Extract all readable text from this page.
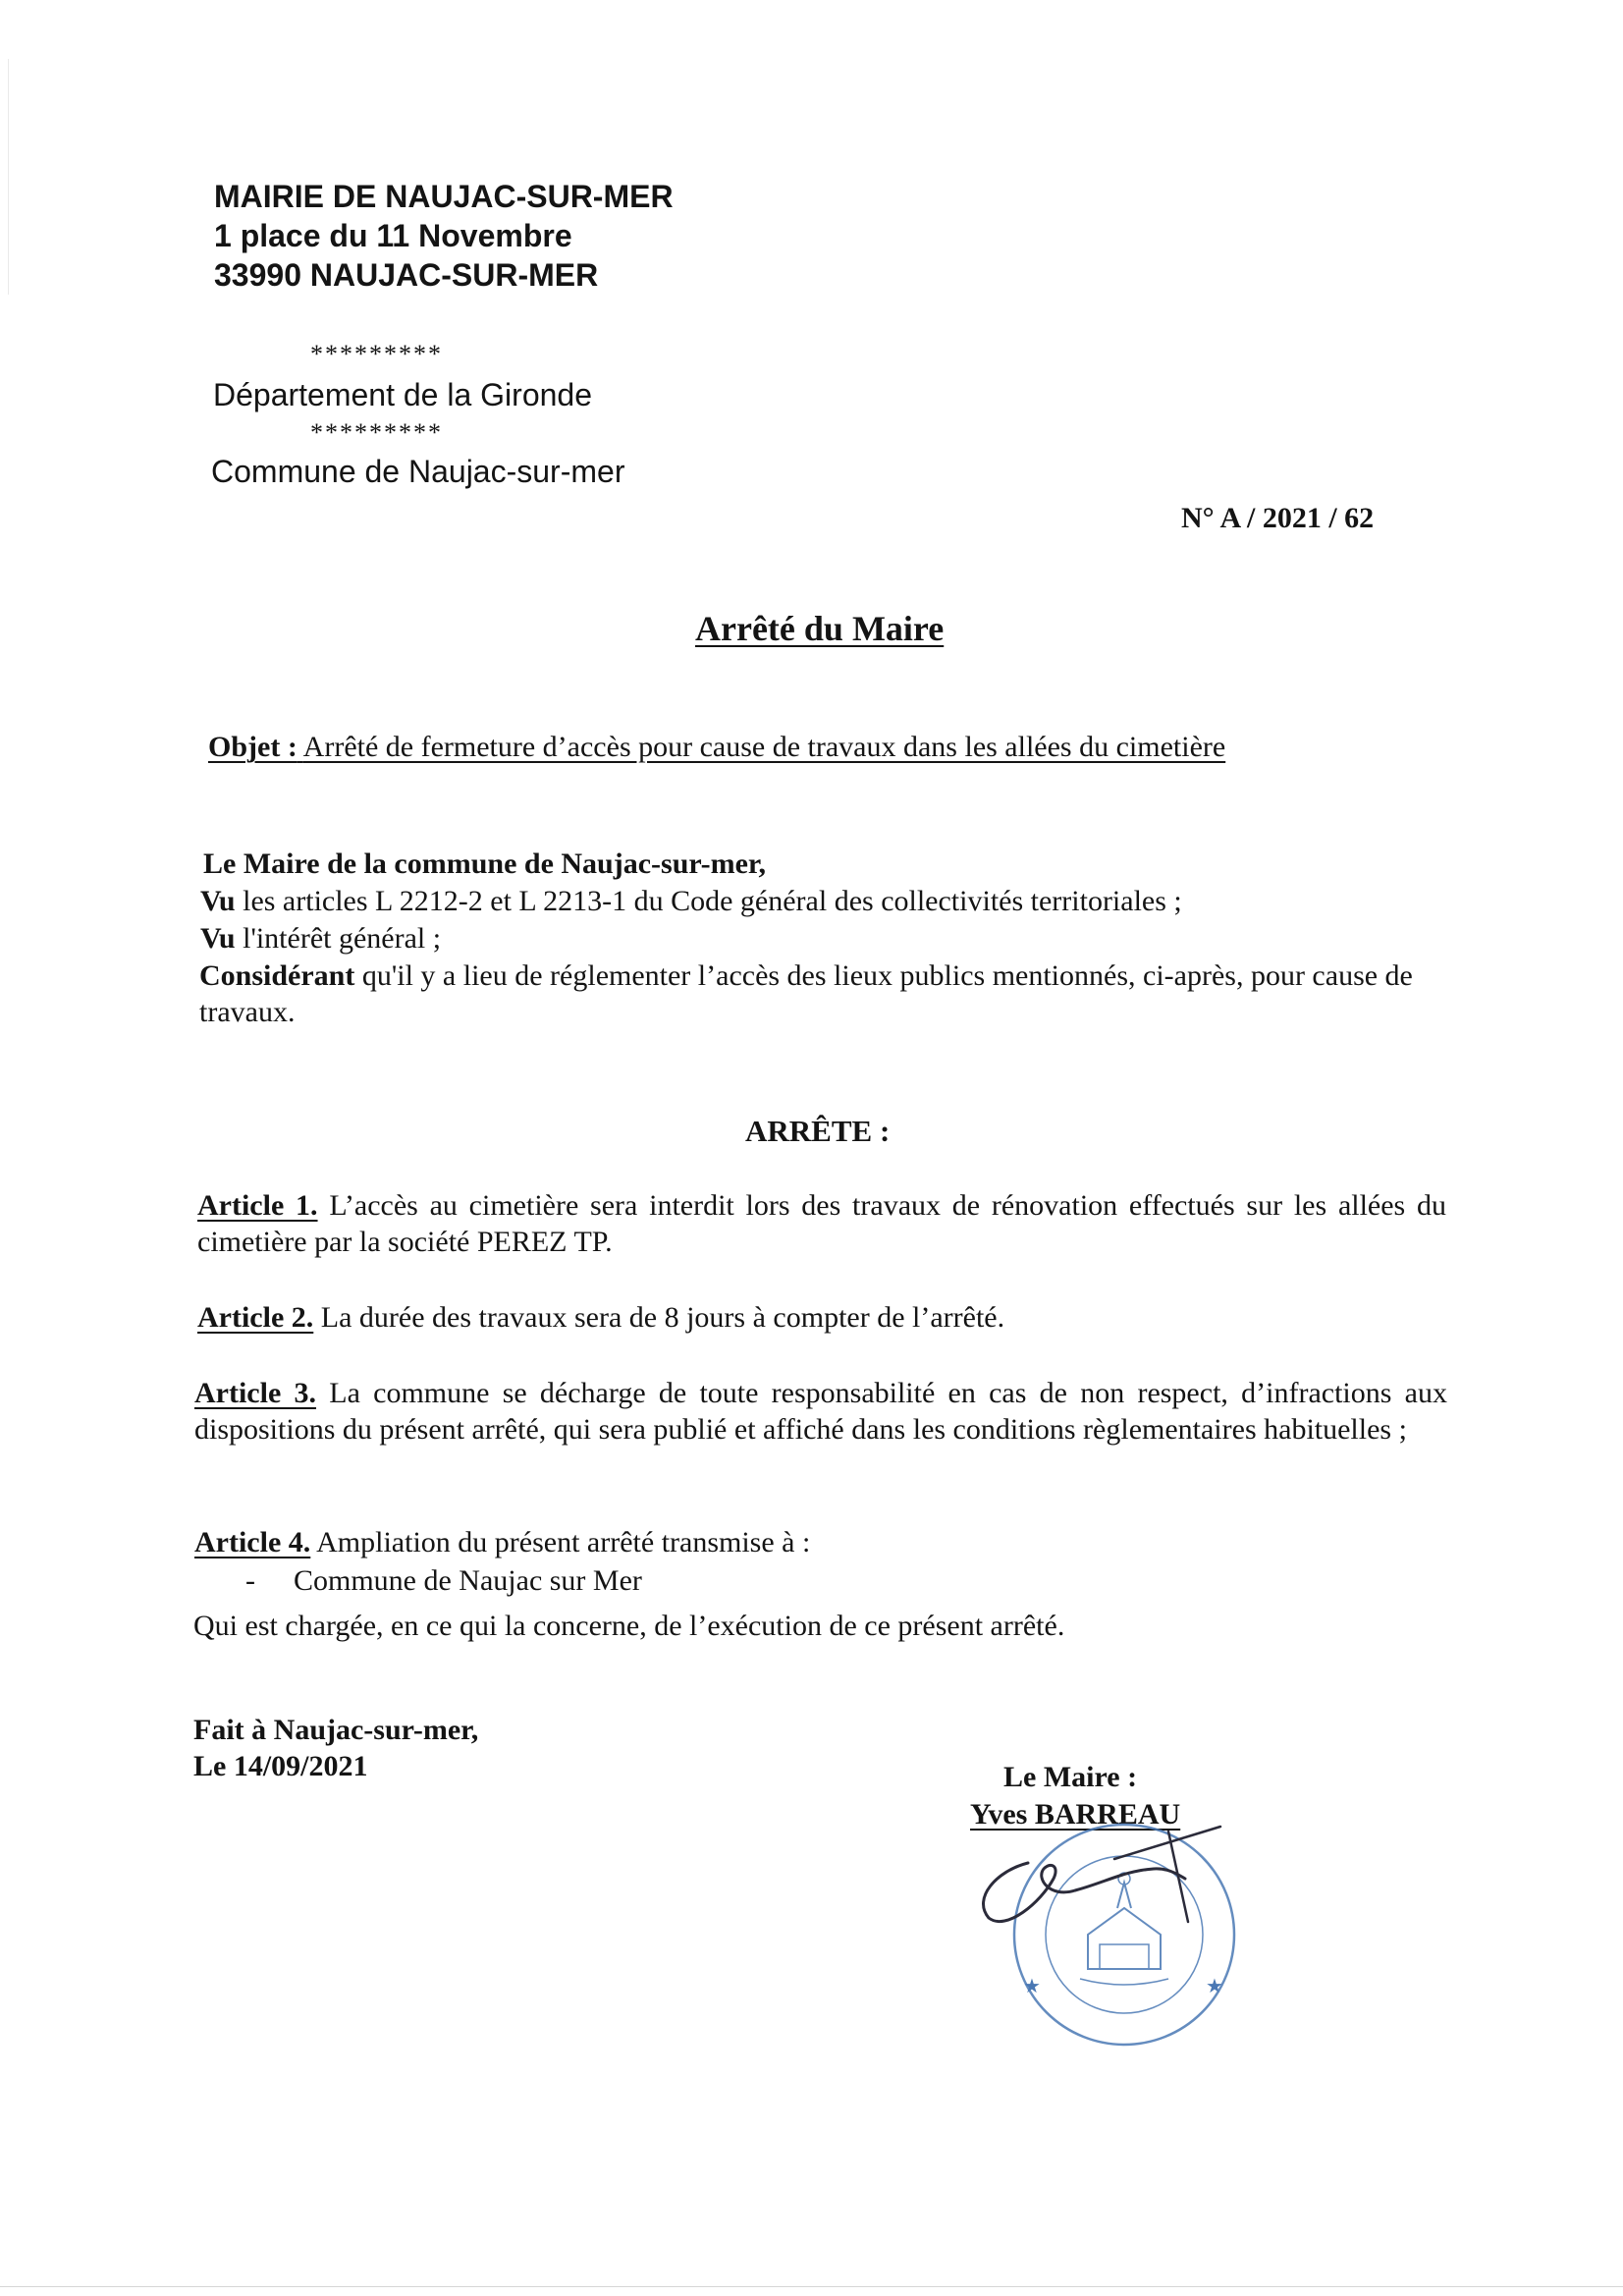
MAIRIE DE NAUJAC-SUR-MER
1 place du 11 Novembre
33990 NAUJAC-SUR-MER
*********
Département de la Gironde
*********
Commune de Naujac-sur-mer
N° A / 2021 / 62
Arrêté du Maire
Objet : Arrêté de fermeture d’accès pour cause de travaux dans les allées du cimetière
Le Maire de la commune de Naujac-sur-mer,
Vu les articles L 2212-2 et L 2213-1 du Code général des collectivités territoriales ;
Vu l'intérêt général ;
Considérant qu'il y a lieu de réglementer l’accès des lieux publics mentionnés, ci-après, pour cause de travaux.
ARRÊTE :
Article 1. L’accès au cimetière sera interdit lors des travaux de rénovation effectués sur les allées du cimetière par la société PEREZ TP.
Article 2. La durée des travaux sera de 8 jours à compter de l’arrêté.
Article 3. La commune se décharge de toute responsabilité en cas de non respect, d’infractions aux dispositions du présent arrêté, qui sera publié et affiché dans les conditions règlementaires habituelles ;
Article 4. Ampliation du présent arrêté transmise à :
- Commune de Naujac sur Mer
Qui est chargée, en ce qui la concerne, de l’exécution de ce présent arrêté.
Fait à Naujac-sur-mer,
Le 14/09/2021	Le Maire :
Yves BARREAU
★	★
